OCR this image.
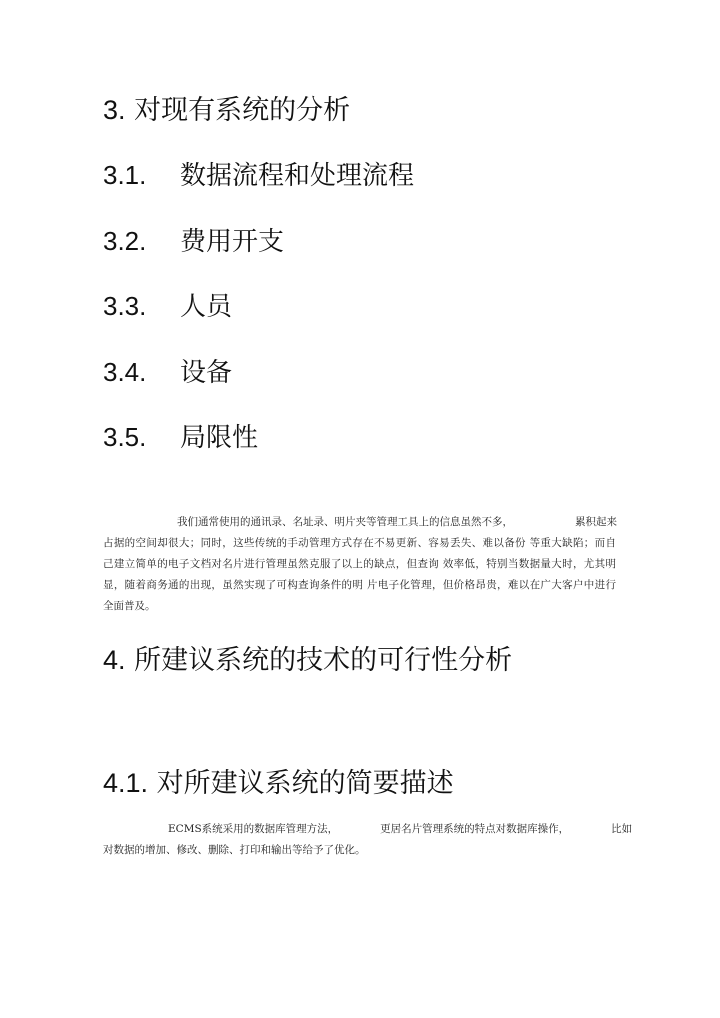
3. 对现有系统的分析
3.1. 数据流程和处理流程
3.2. 费用开支
3.3. 人员
3.4. 设备
3.5. 局限性
我们通常使用的通讯录、名址录、明片夹等管理工具上的信息虽然不多，	累积起来
占据的空间却很大；同时，这些传统的手动管理方式存在不易更新、容易丢失、难以备份 等重大缺陷；而自
己建立简单的电子文档对名片进行管理虽然克服了以上的缺点，但查询 效率低，特别当数据量大时，尤其明
显，随着商务通的出现，虽然实现了可构查询条件的明 片电子化管理，但价格昂贵，难以在广大客户中进行
全面普及。
4. 所建议系统的技术的可行性分析
4.1. 对所建议系统的简要描述
ECMS系统采用的数据库管理方法，	更居名片管理系统的特点对数据库操作，	比如
对数据的增加、修改、删除、打印和输出等给予了优化。
